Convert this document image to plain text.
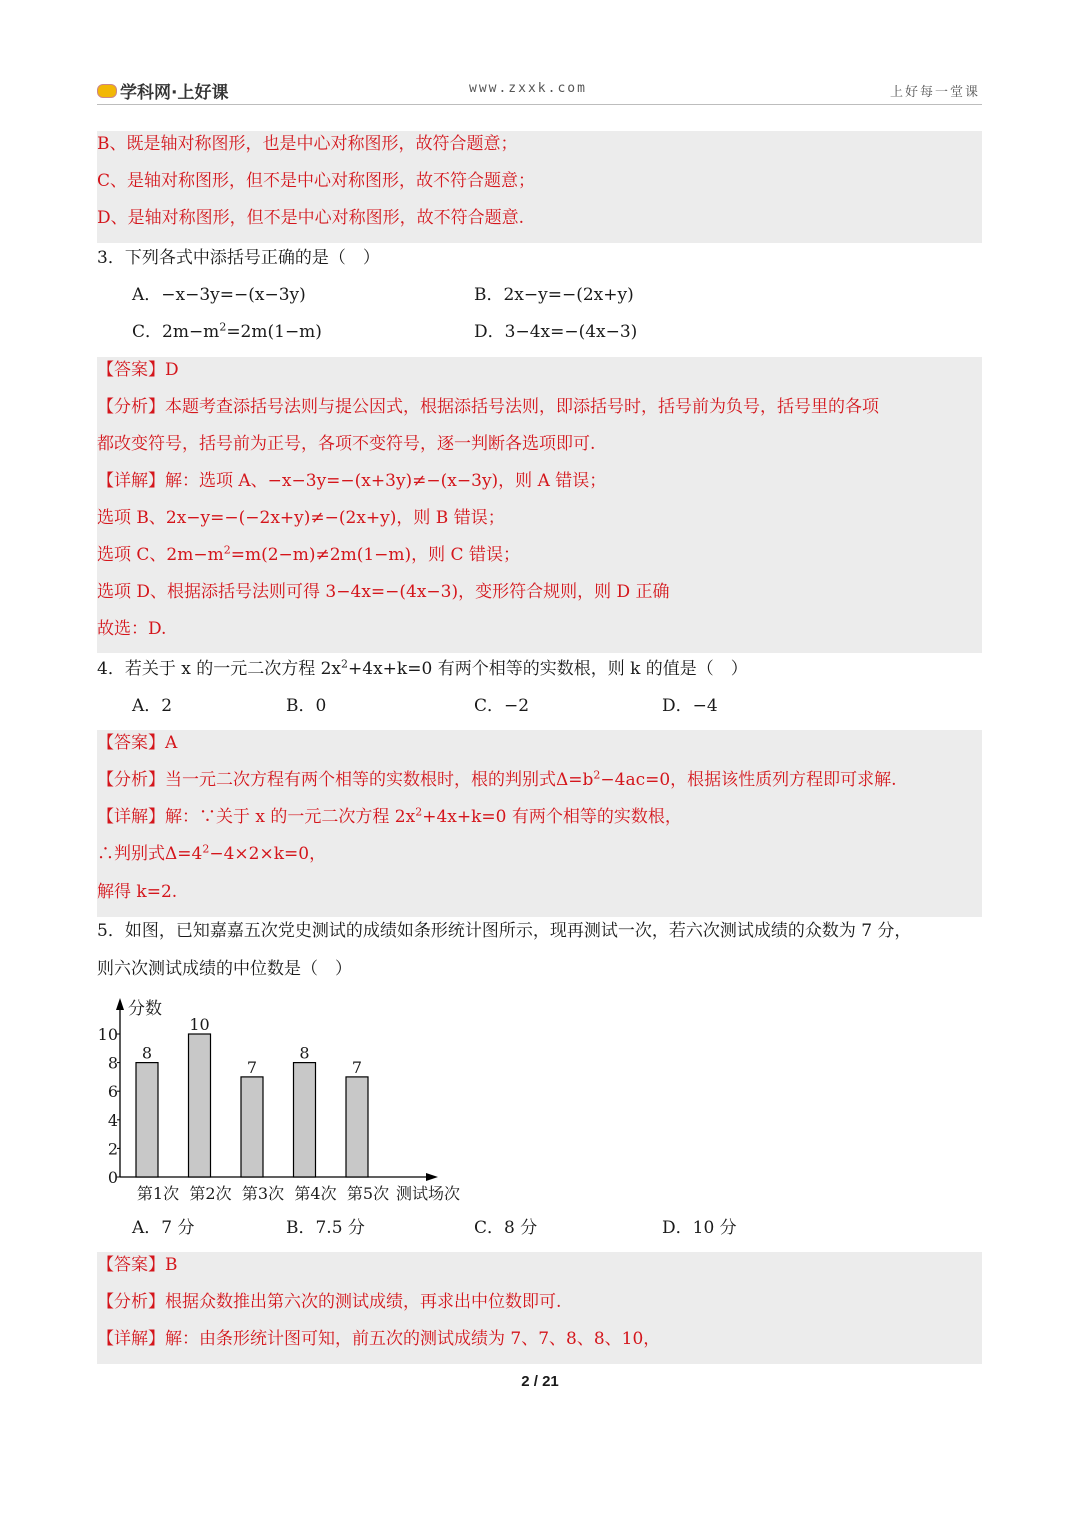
学科网·上好课	www.zxxk.com	上好每一堂课
B、既是轴对称图形，也是中心对称图形，故符合题意；
C、是轴对称图形，但不是中心对称图形，故不符合题意；
D、是轴对称图形，但不是中心对称图形，故不符合题意.
3．下列各式中添括号正确的是（　）
A．−x−3y=−(x−3y)	B．2x−y=−(2x+y)
C．$2m-m^2=2m(1-m)$	D．3−4x=−(4x−3)
【答案】D
【分析】本题考查添括号法则与提公因式，根据添括号法则，即添括号时，括号前为负号，括号里的各项
都改变符号，括号前为正号，各项不变符号，逐一判断各选项即可.
【详解】解：选项 A、−x−3y=−(x+3y)≠−(x−3y)，则 A 错误；
选项 B、2x−y=−(−2x+y)≠−(2x+y)，则 B 错误；
选项 C、$2m-m^2=m(2-m)\ne 2m(1-m)$，则 C 错误；
选项 D、根据添括号法则可得 3−4x=−(4x−3)，变形符合规则，则 D 正确
故选：D.
4．若关于 x 的一元二次方程 $2x^2+4x+k=0$ 有两个相等的实数根，则 k 的值是（　）
A．2	B．0	C．−2	D．−4
【答案】A
【分析】当一元二次方程有两个相等的实数根时，根的判别式$\Delta=b^2-4ac=0$，根据该性质列方程即可求解.
【详解】解：∵关于 x 的一元二次方程 $2x^2+4x+k=0$ 有两个相等的实数根，
∴判别式$\Delta=4^2-4\times 2\times k=0$，
解得 k=2.
5．如图，已知嘉嘉五次党史测试的成绩如条形统计图所示，现再测试一次，若六次测试成绩的众数为 7 分，
则六次测试成绩的中位数是（　）
分数
0
2
4
6
8
10
8
第1次
10
第2次
7
第3次
8
第4次
7
第5次 测试场次
A．7 分	B．7.5 分	C．8 分	D．10 分
【答案】B
【分析】根据众数推出第六次的测试成绩，再求出中位数即可.
【详解】解：由条形统计图可知，前五次的测试成绩为 7、7、8、8、10，
2 / 21
